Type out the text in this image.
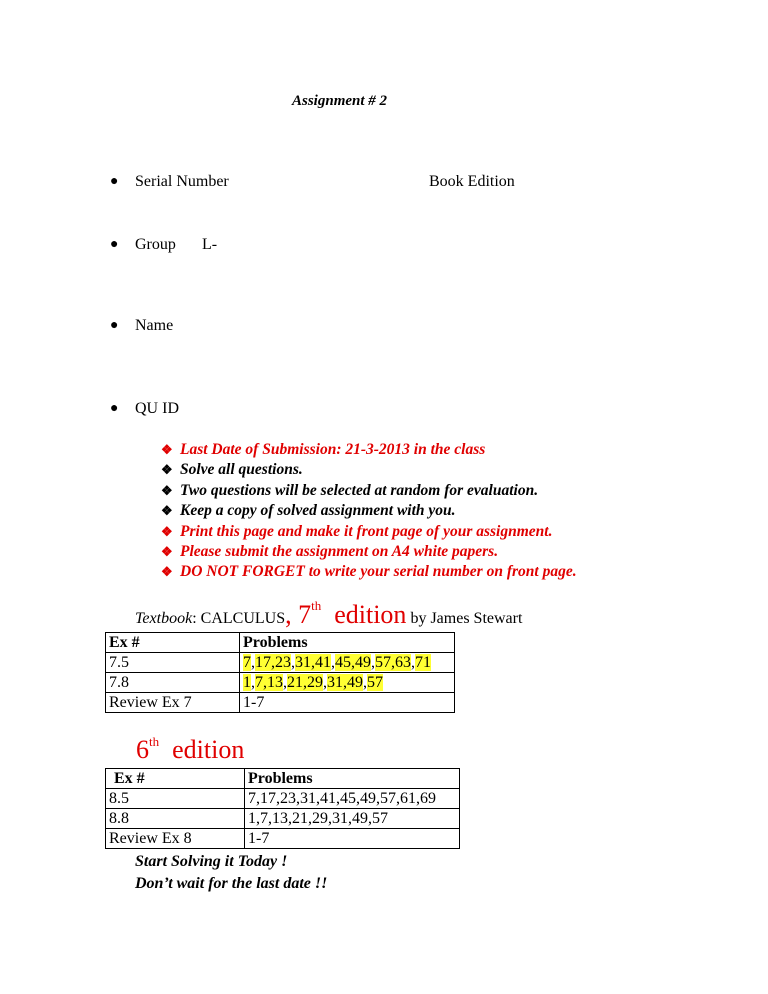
Assignment # 2
● Serial Number	Book Edition
● Group L-
● Name
● QU ID
❖ Last Date of Submission: 21-3-2013 in the class
❖ Solve all questions.
❖ Two questions will be selected at random for evaluation.
❖ Keep a copy of solved assignment with you.
❖ Print this page and make it front page of your assignment.
❖ Please submit the assignment on A4 white papers.
❖ DO NOT FORGET to write your serial number on front page.
Textbook: CALCULUS, 7th edition by James Stewart
Ex #	Problems
7.5	7,17,23,31,41,45,49,57,63,71
7.8	1,7,13,21,29,31,49,57
Review Ex 7	1-7
6th edition
Ex #	Problems
8.5	7,17,23,31,41,45,49,57,61,69
8.8	1,7,13,21,29,31,49,57
Review Ex 8	1-7
Start Solving it Today !
Don’t wait for the last date !!
